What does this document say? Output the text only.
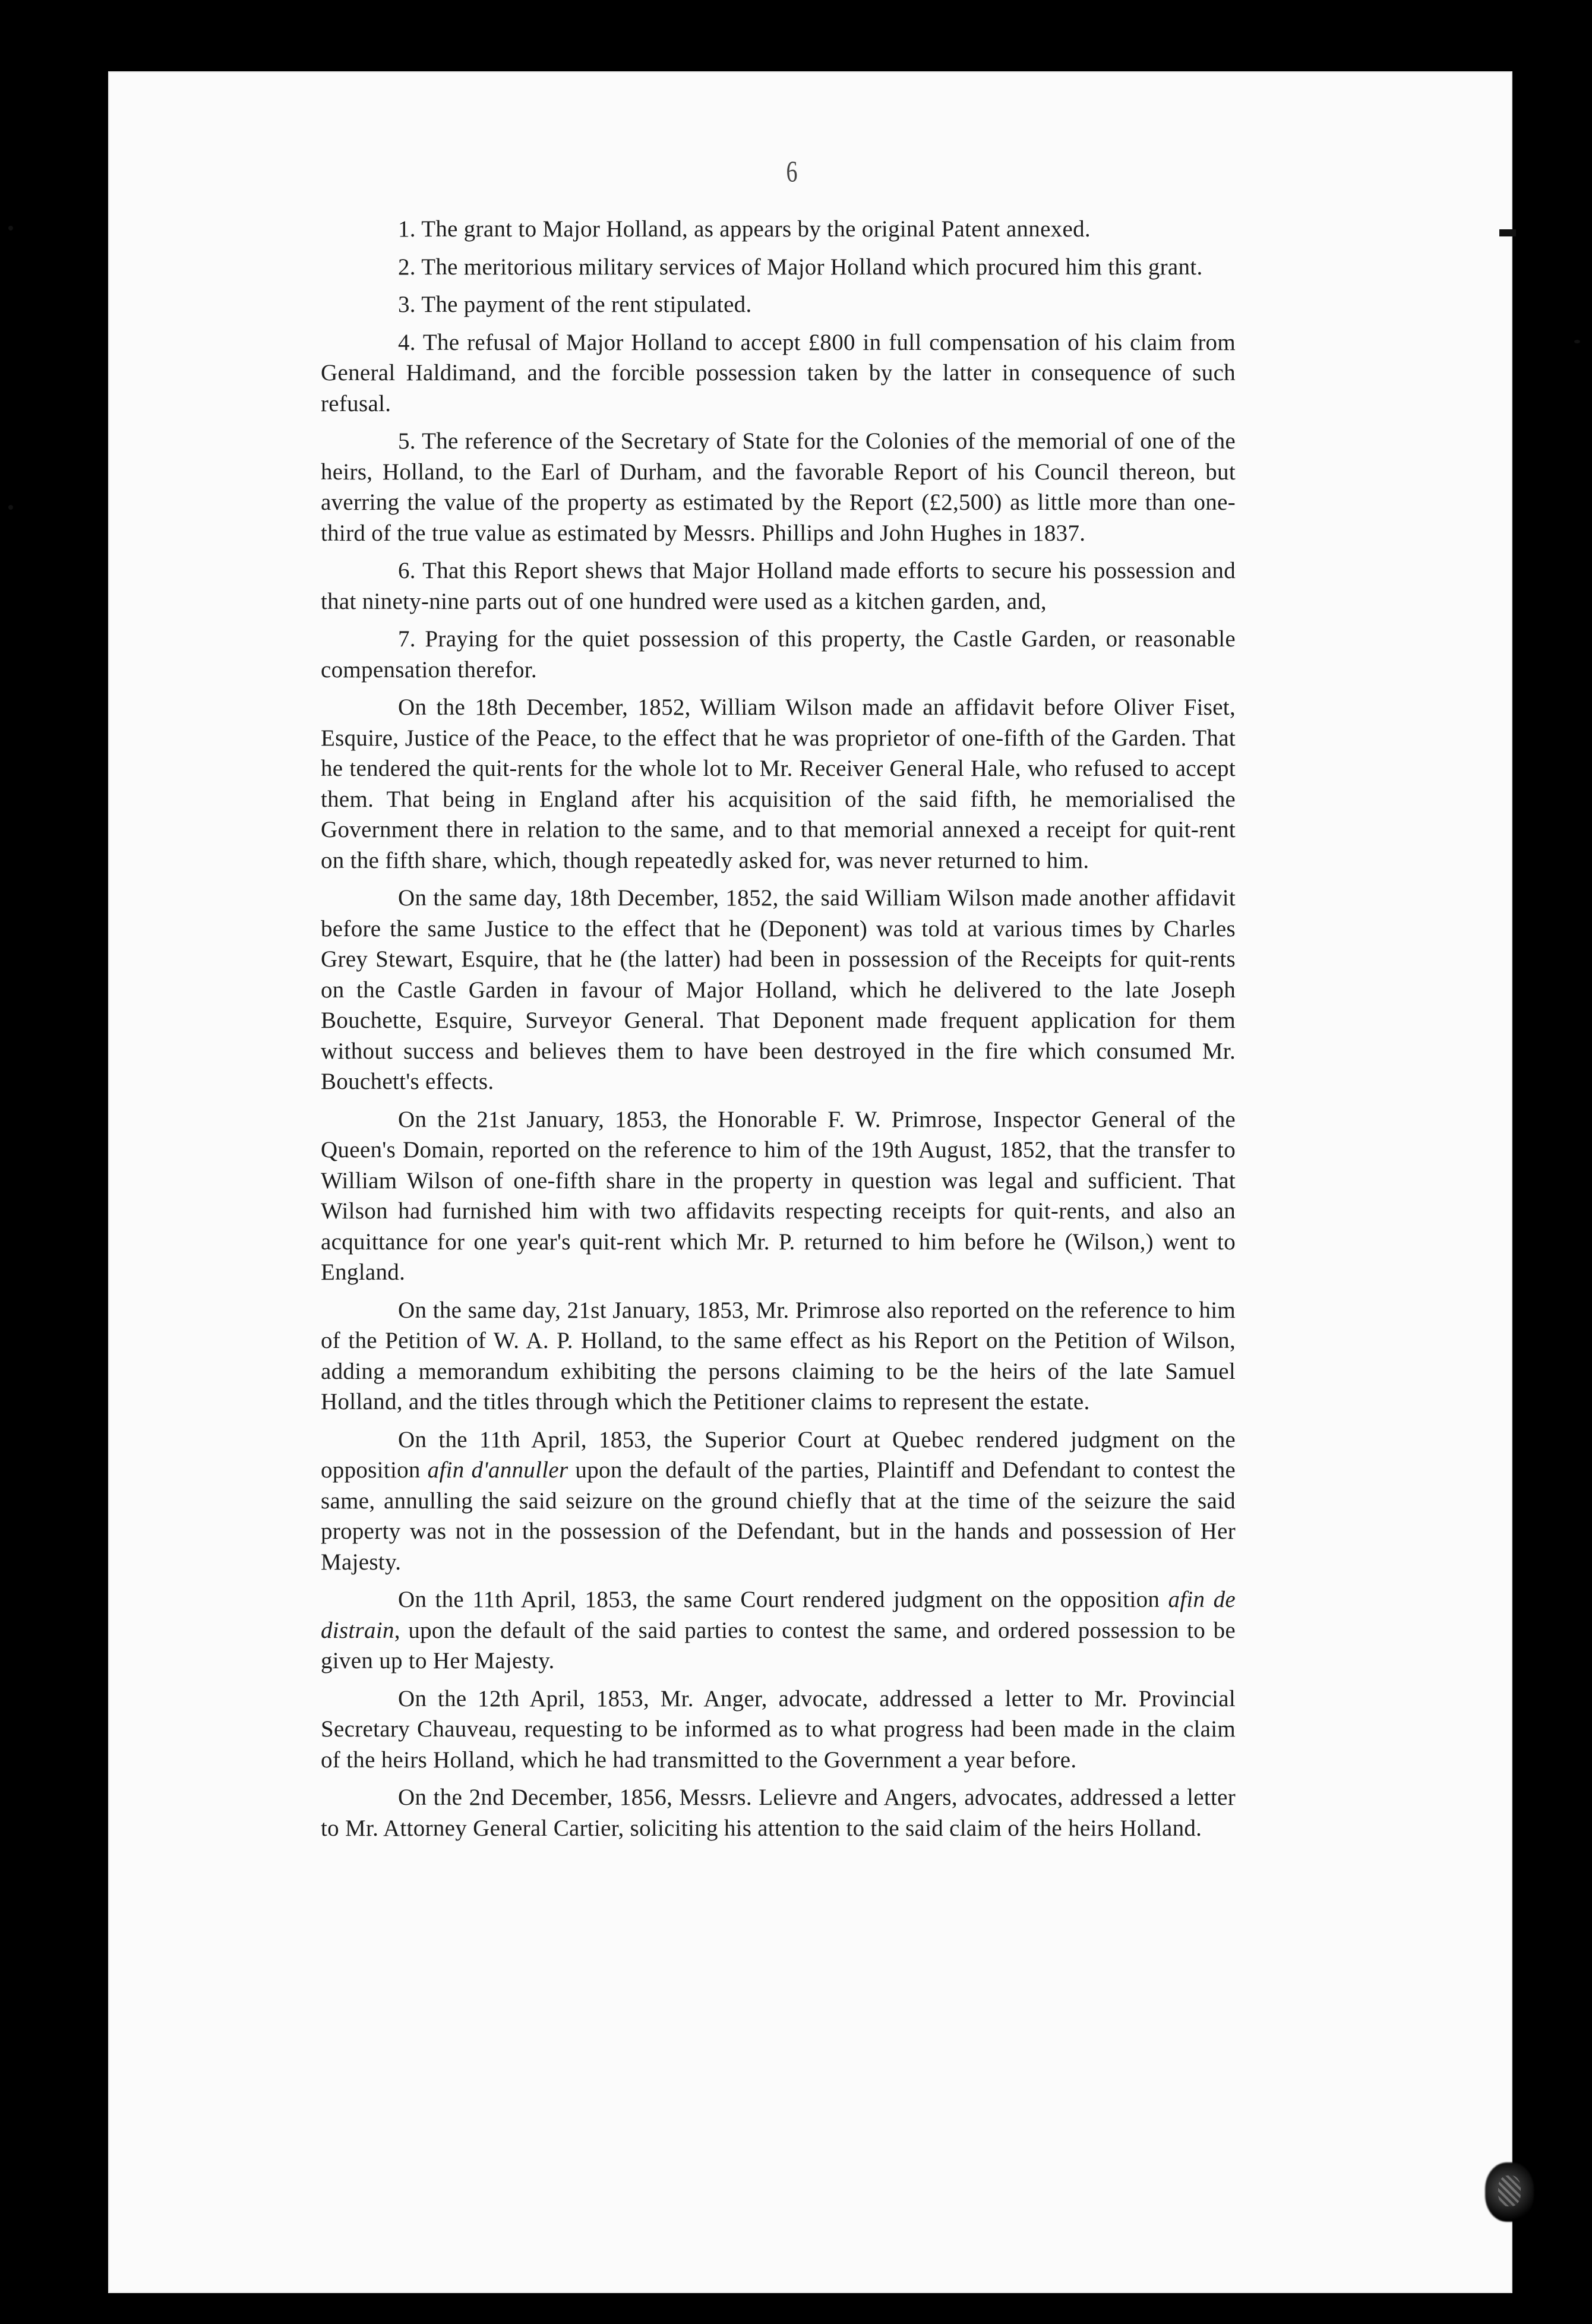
6

1. The grant to Major Holland, as appears by the original Patent annexed.

2. The meritorious military services of Major Holland which procured him this grant.

3. The payment of the rent stipulated.

4. The refusal of Major Holland to accept £800 in full compensation of his claim from General Haldimand, and the forcible possession taken by the latter in consequence of such refusal.

5. The reference of the Secretary of State for the Colonies of the memorial of one of the heirs, Holland, to the Earl of Durham, and the favorable Report of his Council thereon, but averring the value of the property as estimated by the Report (£2,500) as little more than one-third of the true value as estimated by Messrs. Phillips and John Hughes in 1837.

6. That this Report shews that Major Holland made efforts to secure his possession and that ninety-nine parts out of one hundred were used as a kitchen garden, and,

7. Praying for the quiet possession of this property, the Castle Garden, or reasonable compensation therefor.

On the 18th December, 1852, William Wilson made an affidavit before Oliver Fiset, Esquire, Justice of the Peace, to the effect that he was proprietor of one-fifth of the Garden. That he tendered the quit-rents for the whole lot to Mr. Receiver General Hale, who refused to accept them. That being in England after his acquisition of the said fifth, he memorialised the Government there in relation to the same, and to that memorial annexed a receipt for quit-rent on the fifth share, which, though repeatedly asked for, was never returned to him.

On the same day, 18th December, 1852, the said William Wilson made another affidavit before the same Justice to the effect that he (Deponent) was told at various times by Charles Grey Stewart, Esquire, that he (the latter) had been in possession of the Receipts for quit-rents on the Castle Garden in favour of Major Holland, which he delivered to the late Joseph Bouchette, Esquire, Surveyor General. That Deponent made frequent application for them without success and believes them to have been destroyed in the fire which consumed Mr. Bouchett's effects.

On the 21st January, 1853, the Honorable F. W. Primrose, Inspector General of the Queen's Domain, reported on the reference to him of the 19th August, 1852, that the transfer to William Wilson of one-fifth share in the property in question was legal and sufficient. That Wilson had furnished him with two affidavits respecting receipts for quit-rents, and also an acquittance for one year's quit-rent which Mr. P. returned to him before he (Wilson,) went to England.

On the same day, 21st January, 1853, Mr. Primrose also reported on the reference to him of the Petition of W. A. P. Holland, to the same effect as his Report on the Petition of Wilson, adding a memorandum exhibiting the persons claiming to be the heirs of the late Samuel Holland, and the titles through which the Petitioner claims to represent the estate.

On the 11th April, 1853, the Superior Court at Quebec rendered judgment on the opposition afin d'annuller upon the default of the parties, Plaintiff and Defendant to contest the same, annulling the said seizure on the ground chiefly that at the time of the seizure the said property was not in the possession of the Defendant, but in the hands and possession of Her Majesty.

On the 11th April, 1853, the same Court rendered judgment on the opposition afin de distrain, upon the default of the said parties to contest the same, and ordered possession to be given up to Her Majesty.

On the 12th April, 1853, Mr. Anger, advocate, addressed a letter to Mr. Provincial Secretary Chauveau, requesting to be informed as to what progress had been made in the claim of the heirs Holland, which he had transmitted to the Government a year before.

On the 2nd December, 1856, Messrs. Lelievre and Angers, advocates, addressed a letter to Mr. Attorney General Cartier, soliciting his attention to the said claim of the heirs Holland.
